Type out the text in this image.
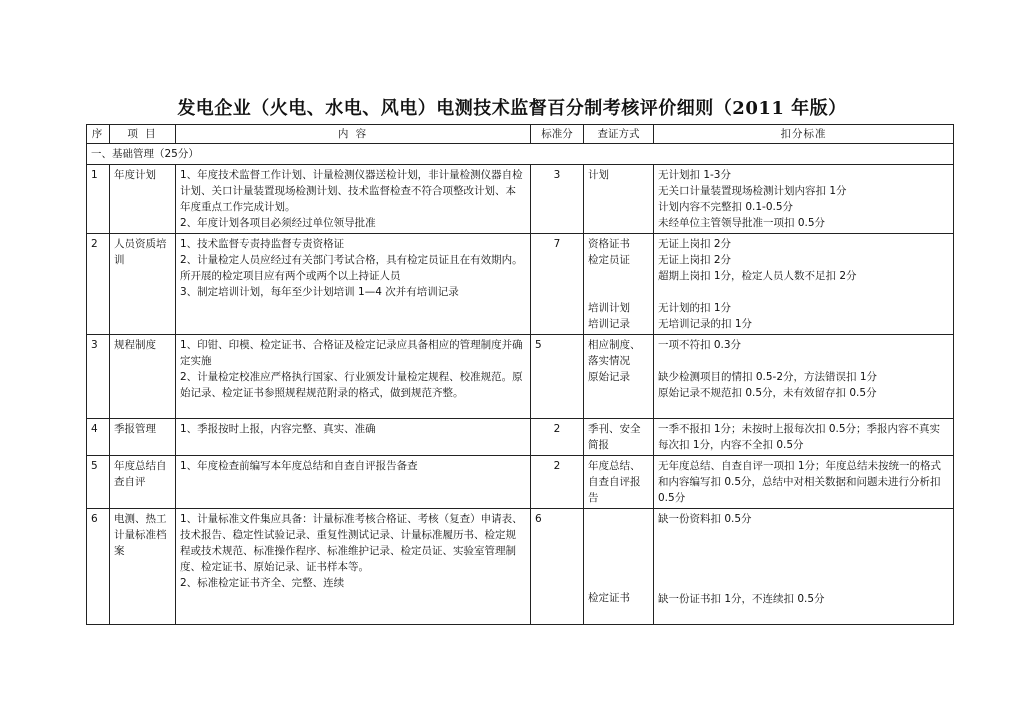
发电企业（火电、水电、风电）电测技术监督百分制考核评价细则（2011 年版）
序	项 目	内 容	标准分	查证方式	扣分标准
一、基础管理（25分）					
1	年度计划	1、年度技术监督工作计划、计量检测仪器送检计划，非计量检测仪器自检计划、关口计量装置现场检测计划、技术监督检查不符合项整改计划、本年度重点工作完成计划。
2、年度计划各项目必须经过单位领导批准	3	计划	无计划扣 1-3分
无关口计量装置现场检测计划内容扣 1分
计划内容不完整扣 0.1-0.5分
未经单位主管领导批准一项扣 0.5分

2	人员资质培训	1、技术监督专责持监督专责资格证
2、计量检定人员应经过有关部门考试合格，具有检定员证且在有效期内。所开展的检定项目应有两个或两个以上持证人员
3、制定培训计划，每年至少计划培训 1—4 次并有培训记录	7	资格证书
检定员证
培训计划
培训记录	无证上岗扣 2分
无证上岗扣 2分
超期上岗扣 1分，检定人员人数不足扣 2分
无计划的扣 1分
无培训记录的扣 1分

3	规程制度	1、印钳、印模、检定证书、合格证及检定记录应具备相应的管理制度并确定实施
2、计量检定校准应严格执行国家、行业颁发计量检定规程、校准规范。原始记录、检定证书参照规程规范附录的格式，做到规范齐整。	5	相应制度、落实情况
原始记录	一项不符扣 0.3分
缺少检测项目的情扣 0.5-2分，方法错误扣 1分
原始记录不规范扣 0.5分，未有效留存扣 0.5分

4	季报管理	1、季报按时上报，内容完整、真实、准确	2	季刊、安全简报	一季不报扣 1分；未按时上报每次扣 0.5分；季报内容不真实每次扣 1分，内容不全扣 0.5分

5	年度总结自查自评	1、年度检查前编写本年度总结和自查自评报告备查	2	年度总结、自查自评报告	无年度总结、自查自评一项扣 1分；年度总结未按统一的格式和内容编写扣 0.5分，总结中对相关数据和问题未进行分析扣 0.5分

6	电测、热工计量标准档案	1、计量标准文件集应具备：计量标准考核合格证、考核（复查）申请表、技术报告、稳定性试验记录、重复性测试记录、计量标准履历书、检定规程或技术规范、标准操作程序、标准维护记录、检定员证、实验室管理制度、检定证书、原始记录、证书样本等。
2、标准检定证书齐全、完整、连续	6	检定证书	缺一份资料扣 0.5分
缺一份证书扣 1分，不连续扣 0.5分
